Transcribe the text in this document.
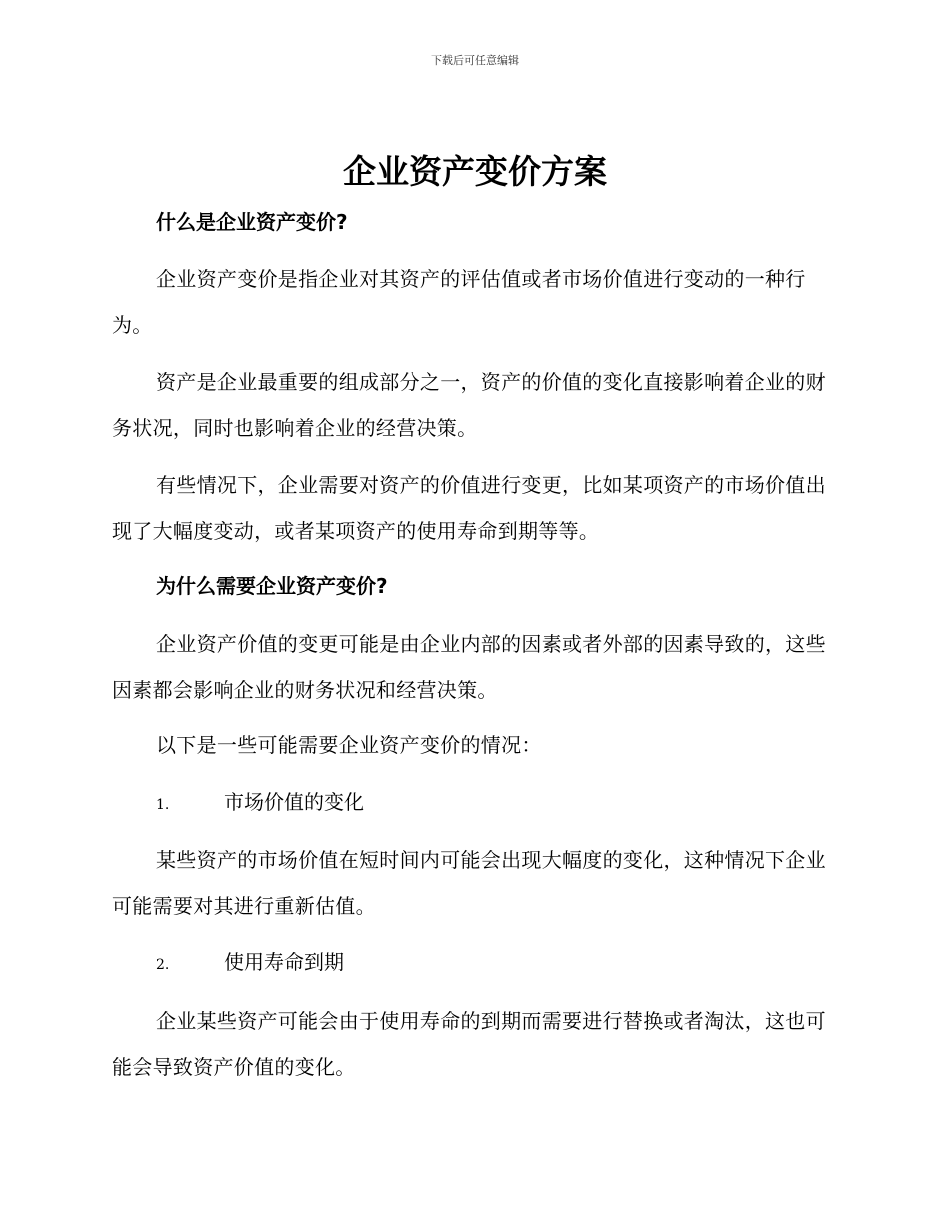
下载后可任意编辑
企业资产变价方案
什么是企业资产变价?

企业资产变价是指企业对其资产的评估值或者市场价值进行变动的一种行为。

资产是企业最重要的组成部分之一，资产的价值的变化直接影响着企业的财务状况，同时也影响着企业的经营决策。

有些情况下，企业需要对资产的价值进行变更，比如某项资产的市场价值出现了大幅度变动，或者某项资产的使用寿命到期等等。

为什么需要企业资产变价?

企业资产价值的变更可能是由企业内部的因素或者外部的因素导致的，这些因素都会影响企业的财务状况和经营决策。

以下是一些可能需要企业资产变价的情况：

1.	市场价值的变化

某些资产的市场价值在短时间内可能会出现大幅度的变化，这种情况下企业可能需要对其进行重新估值。

2.	使用寿命到期

企业某些资产可能会由于使用寿命的到期而需要进行替换或者淘汰，这也可能会导致资产价值的变化。
